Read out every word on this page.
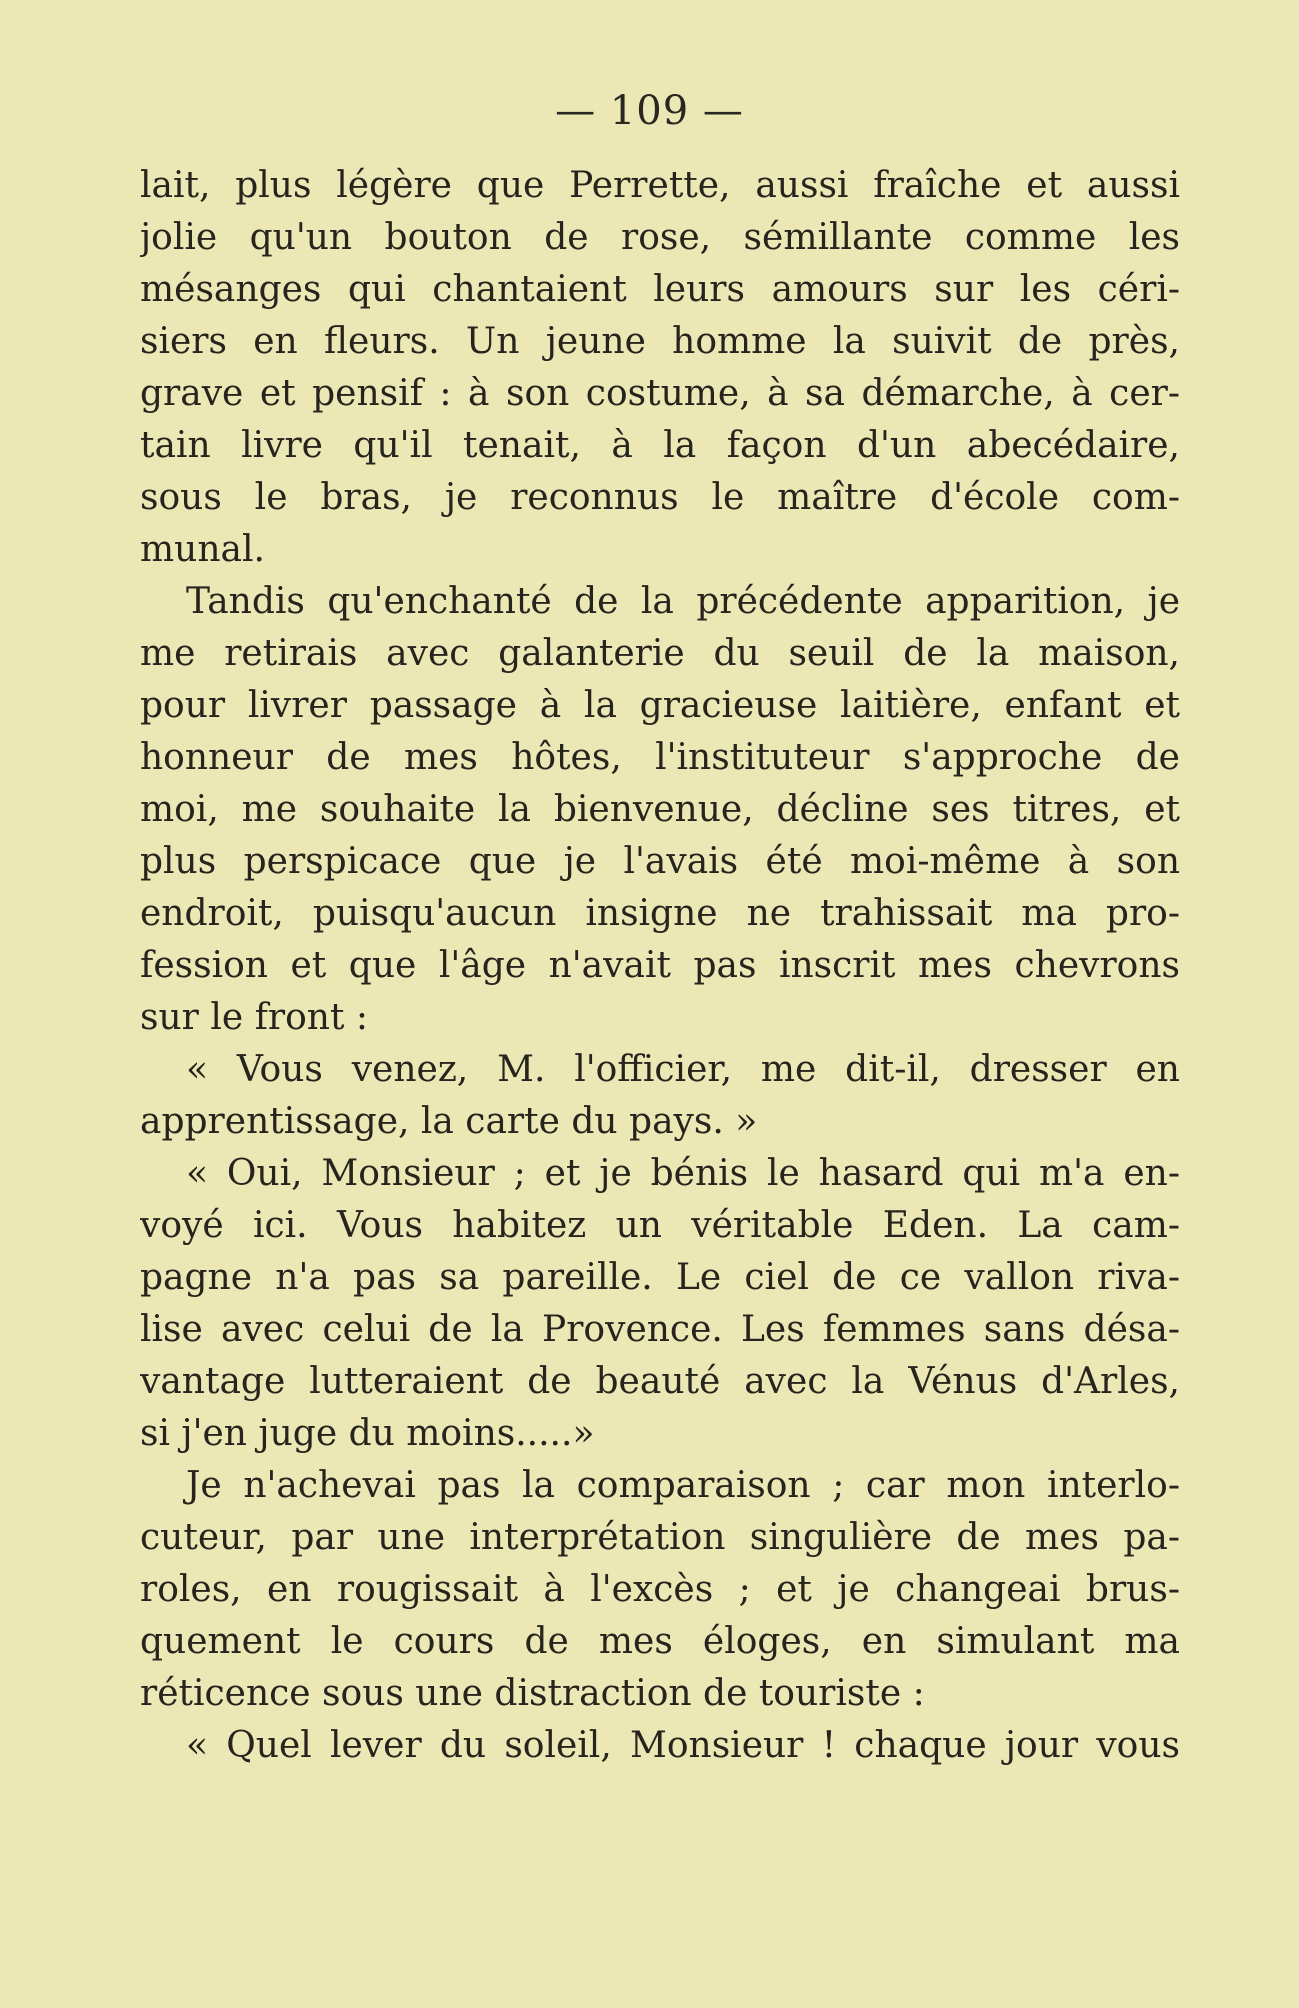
— 109 —
lait, plus légère que Perrette, aussi fraîche et aussi
jolie qu'un bouton de rose, sémillante comme les
mésanges qui chantaient leurs amours sur les céri-
siers en fleurs. Un jeune homme la suivit de près,
grave et pensif : à son costume, à sa démarche, à cer-
tain livre qu'il tenait, à la façon d'un abecédaire,
sous le bras, je reconnus le maître d'école com-
munal.
Tandis qu'enchanté de la précédente apparition, je
me retirais avec galanterie du seuil de la maison,
pour livrer passage à la gracieuse laitière, enfant et
honneur de mes hôtes, l'instituteur s'approche de
moi, me souhaite la bienvenue, décline ses titres, et
plus perspicace que je l'avais été moi-même à son
endroit, puisqu'aucun insigne ne trahissait ma pro-
fession et que l'âge n'avait pas inscrit mes chevrons
sur le front :
« Vous venez, M. l'officier, me dit-il, dresser en
apprentissage, la carte du pays. »
« Oui, Monsieur ; et je bénis le hasard qui m'a en-
voyé ici. Vous habitez un véritable Eden. La cam-
pagne n'a pas sa pareille. Le ciel de ce vallon riva-
lise avec celui de la Provence. Les femmes sans désa-
vantage lutteraient de beauté avec la Vénus d'Arles,
si j'en juge du moins.....»
Je n'achevai pas la comparaison ; car mon interlo-
cuteur, par une interprétation singulière de mes pa-
roles, en rougissait à l'excès ; et je changeai brus-
quement le cours de mes éloges, en simulant ma
réticence sous une distraction de touriste :
« Quel lever du soleil, Monsieur ! chaque jour vous
